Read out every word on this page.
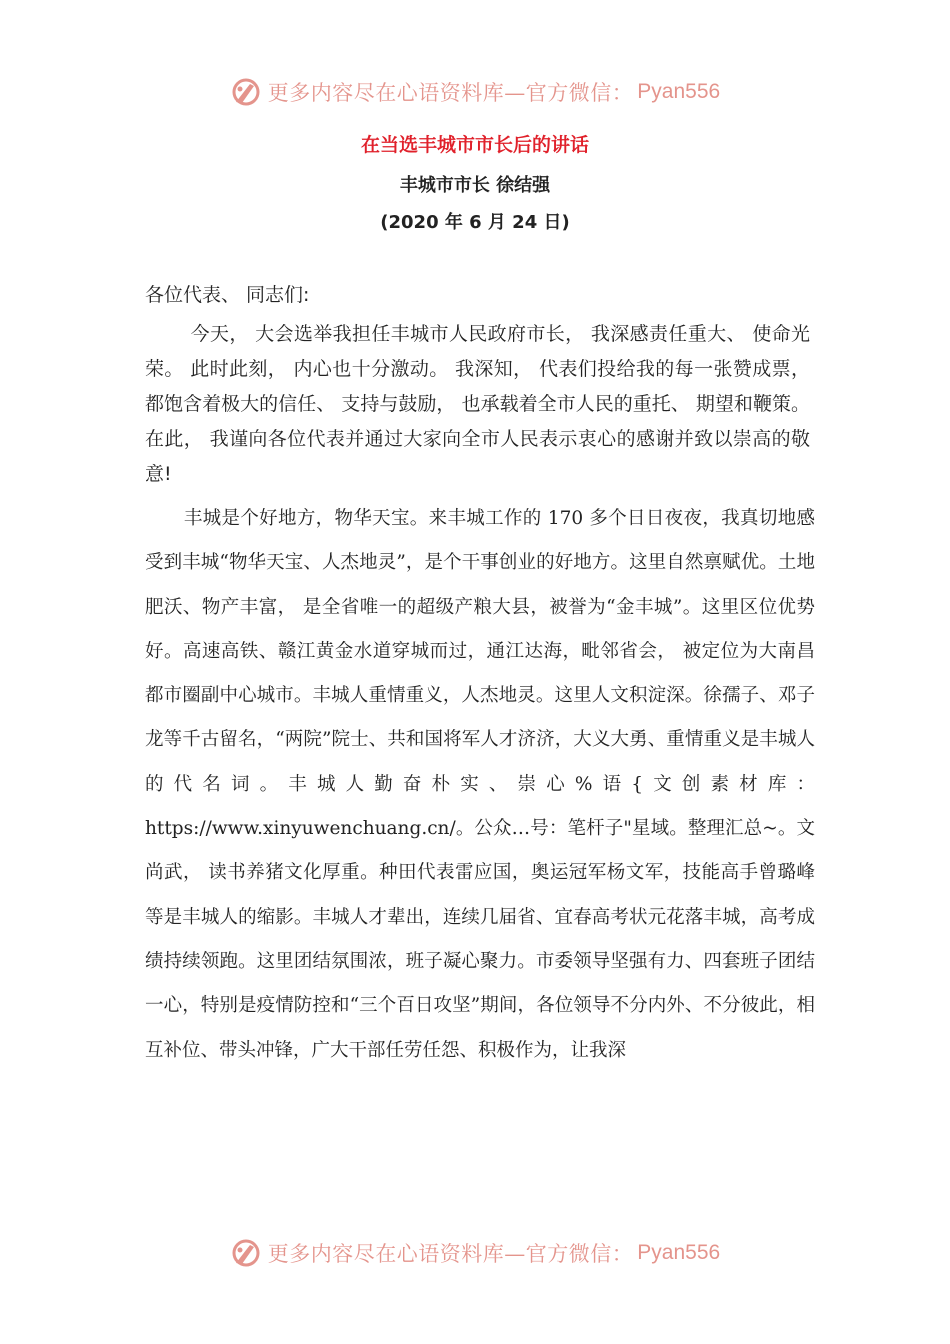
更多内容尽在心语资料库—官方微信： Pyan556
在当选丰城市市长后的讲话
丰城市市长 徐结强
(2020 年 6 月 24 日)
各位代表、 同志们:

今天， 大会选举我担任丰城市人民政府市长， 我深感责任重大、 使命光荣。 此时此刻， 内心也十分激动。 我深知， 代表们投给我的每一张赞成票， 都饱含着极大的信任、 支持与鼓励， 也承载着全市人民的重托、 期望和鞭策。 在此， 我谨向各位代表并通过大家向全市人民表示衷心的感谢并致以崇高的敬意!

丰城是个好地方，物华天宝。来丰城工作的 170 多个日日夜夜，我真切地感受到丰城“物华天宝、人杰地灵”，是个干事创业的好地方。这里自然禀赋优。土地肥沃、物产丰富， 是全省唯一的超级产粮大县，被誉为“金丰城”。这里区位优势好。高速高铁、赣江黄金水道穿城而过，通江达海，毗邻省会， 被定位为大南昌都市圈副中心城市。丰城人重情重义，人杰地灵。这里人文积淀深。徐孺子、邓子龙等千古留名，“两院”院士、共和国将军人才济济，大义大勇、重情重义是丰城人的代名词。丰城人勤奋朴实、崇心%语{文创素材库：https://www.xinyuwenchuang.cn/。公众…号：笔杆子"星域。整理汇总~。文尚武， 读书养猪文化厚重。种田代表雷应国，奥运冠军杨文军，技能高手曾璐峰等是丰城人的缩影。丰城人才辈出，连续几届省、宜春高考状元花落丰城，高考成绩持续领跑。这里团结氛围浓，班子凝心聚力。市委领导坚强有力、四套班子团结一心，特别是疫情防控和“三个百日攻坚”期间，各位领导不分内外、不分彼此，相互补位、带头冲锋，广大干部任劳任怨、积极作为，让我深

更多内容尽在心语资料库—官方微信： Pyan556
